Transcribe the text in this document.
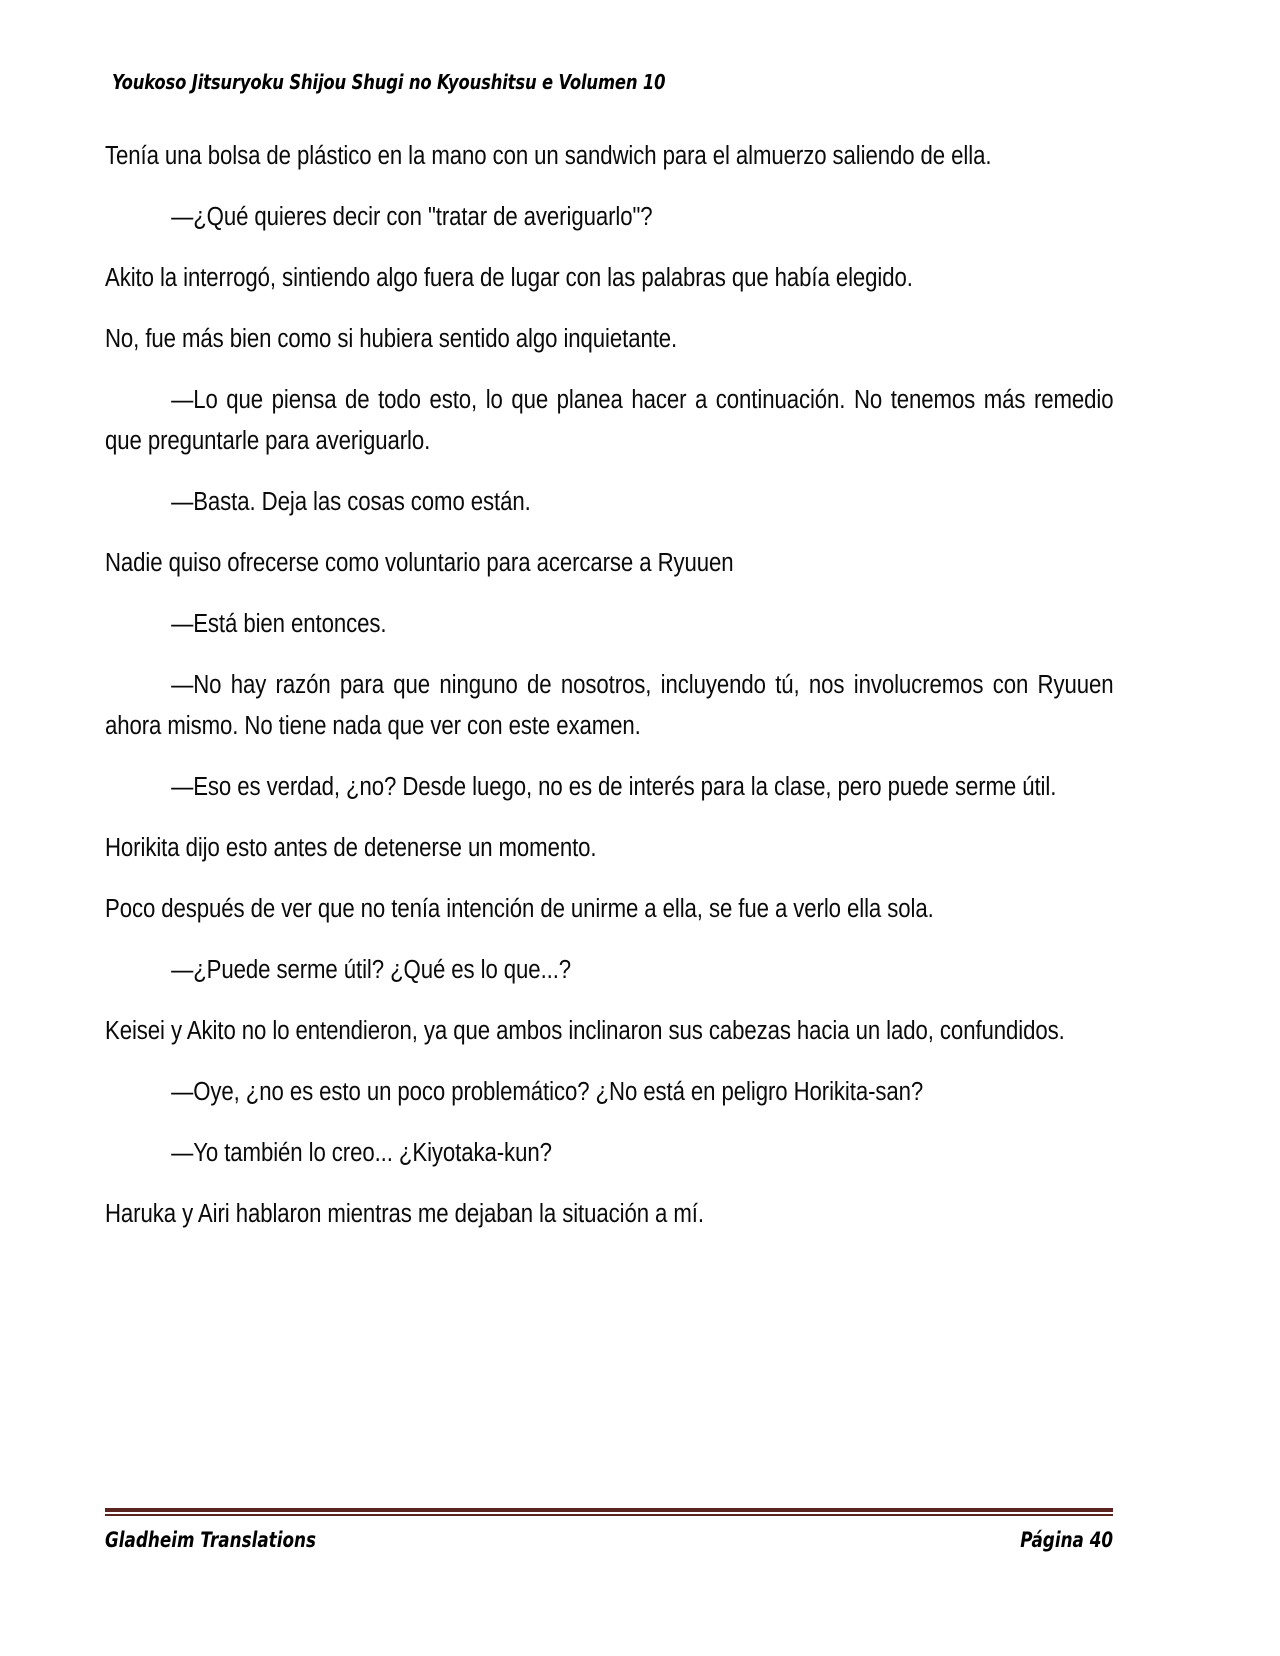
Youkoso Jitsuryoku Shijou Shugi no Kyoushitsu e Volumen 10

Tenía una bolsa de plástico en la mano con un sandwich para el almuerzo saliendo de ella.

—¿Qué quieres decir con "tratar de averiguarlo"?

Akito la interrogó, sintiendo algo fuera de lugar con las palabras que había elegido.

No, fue más bien como si hubiera sentido algo inquietante.

—Lo que piensa de todo esto, lo que planea hacer a continuación. No tenemos más remedio que preguntarle para averiguarlo.

—Basta. Deja las cosas como están.

Nadie quiso ofrecerse como voluntario para acercarse a Ryuuen

—Está bien entonces.

—No hay razón para que ninguno de nosotros, incluyendo tú, nos involucremos con Ryuuen ahora mismo. No tiene nada que ver con este examen.

—Eso es verdad, ¿no? Desde luego, no es de interés para la clase, pero puede serme útil.

Horikita dijo esto antes de detenerse un momento.

Poco después de ver que no tenía intención de unirme a ella, se fue a verlo ella sola.

—¿Puede serme útil? ¿Qué es lo que...?

Keisei y Akito no lo entendieron, ya que ambos inclinaron sus cabezas hacia un lado, confundidos.

—Oye, ¿no es esto un poco problemático? ¿No está en peligro Horikita-san?

—Yo también lo creo... ¿Kiyotaka-kun?

Haruka y Airi hablaron mientras me dejaban la situación a mí.

Gladheim Translations	Página 40
